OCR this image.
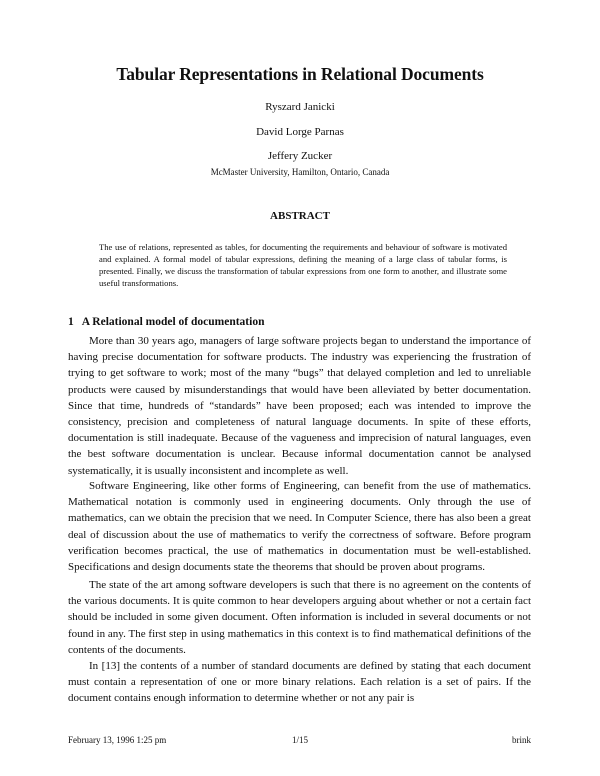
Tabular Representations in Relational Documents
Ryszard Janicki
David Lorge Parnas
Jeffery Zucker
McMaster University, Hamilton, Ontario, Canada
ABSTRACT
The use of relations, represented as tables, for documenting the requirements and behaviour of software is motivated and explained. A formal model of tabular expressions, defining the meaning of a large class of tabular forms, is presented. Finally, we discuss the transformation of tabular expressions from one form to another, and illustrate some useful transformations.
1 A Relational model of documentation

More than 30 years ago, managers of large software projects began to understand the importance of having precise documentation for software products. The industry was experiencing the frustration of trying to get software to work; most of the many “bugs” that delayed completion and led to unreliable products were caused by misunderstandings that would have been alleviated by better documentation. Since that time, hundreds of “standards” have been proposed; each was intended to improve the consistency, precision and completeness of natural language documents. In spite of these efforts, documentation is still inadequate. Because of the vagueness and imprecision of natural languages, even the best software documentation is unclear. Because informal documentation cannot be analysed systematically, it is usually inconsistent and incomplete as well.

Software Engineering, like other forms of Engineering, can benefit from the use of mathematics. Mathematical notation is commonly used in engineering documents. Only through the use of mathematics, can we obtain the precision that we need. In Computer Science, there has also been a great deal of discussion about the use of mathematics to verify the correctness of software. Before program verification becomes practical, the use of mathematics in documentation must be well-established. Specifications and design documents state the theorems that should be proven about programs.

The state of the art among software developers is such that there is no agreement on the contents of the various documents. It is quite common to hear developers arguing about whether or not a certain fact should be included in some given document. Often information is included in several documents or not found in any. The first step in using mathematics in this context is to find mathematical definitions of the contents of the documents.

In [13] the contents of a number of standard documents are defined by stating that each document must contain a representation of one or more binary relations. Each relation is a set of pairs. If the document contains enough information to determine whether or not any pair is

February 13, 1996 1:25 pm	1/15	brink
